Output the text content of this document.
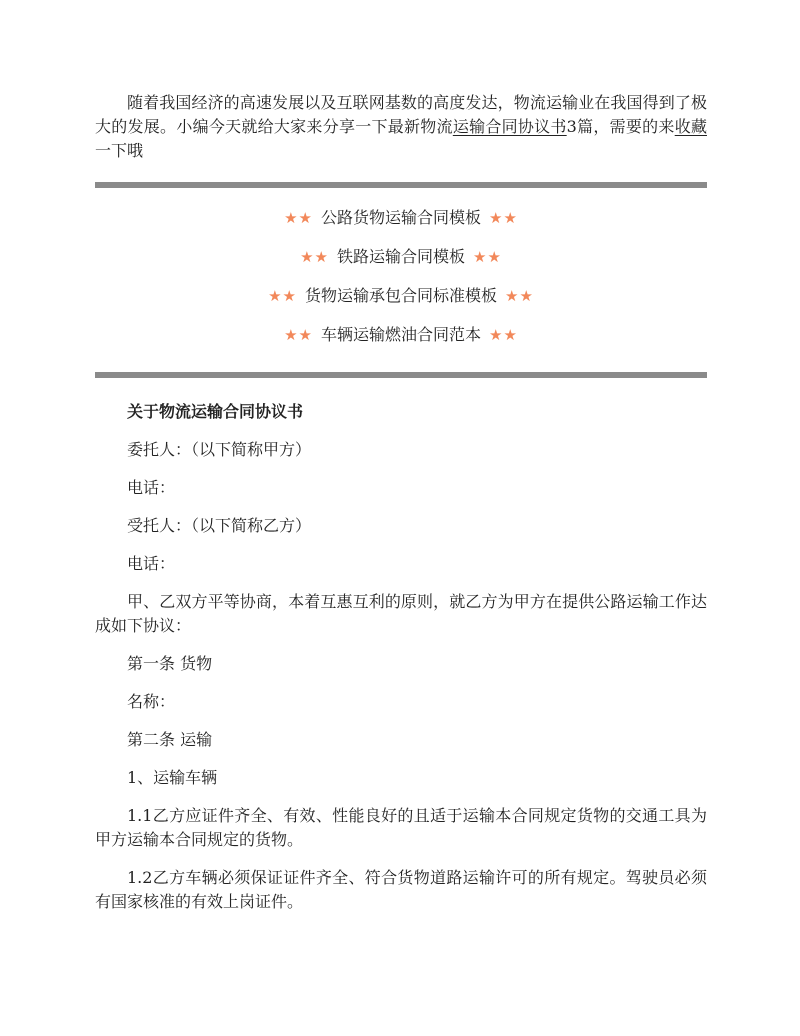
随着我国经济的高速发展以及互联网基数的高度发达，物流运输业在我国得到了极大的发展。小编今天就给大家来分享一下最新物流运输合同协议书3篇，需要的来收藏一下哦

★★ 公路货物运输合同模板 ★★
★★ 铁路运输合同模板 ★★
★★ 货物运输承包合同标准模板 ★★
★★ 车辆运输燃油合同范本 ★★

关于物流运输合同协议书

委托人：（以下简称甲方）

电话：

受托人：（以下简称乙方）

电话：

甲、乙双方平等协商，本着互惠互利的原则，就乙方为甲方在提供公路运输工作达成如下协议：

第一条 货物

名称：

第二条 运输

1、运输车辆

1.1乙方应证件齐全、有效、性能良好的且适于运输本合同规定货物的交通工具为甲方运输本合同规定的货物。

1.2乙方车辆必须保证证件齐全、符合货物道路运输许可的所有规定。驾驶员必须有国家核准的有效上岗证件。
